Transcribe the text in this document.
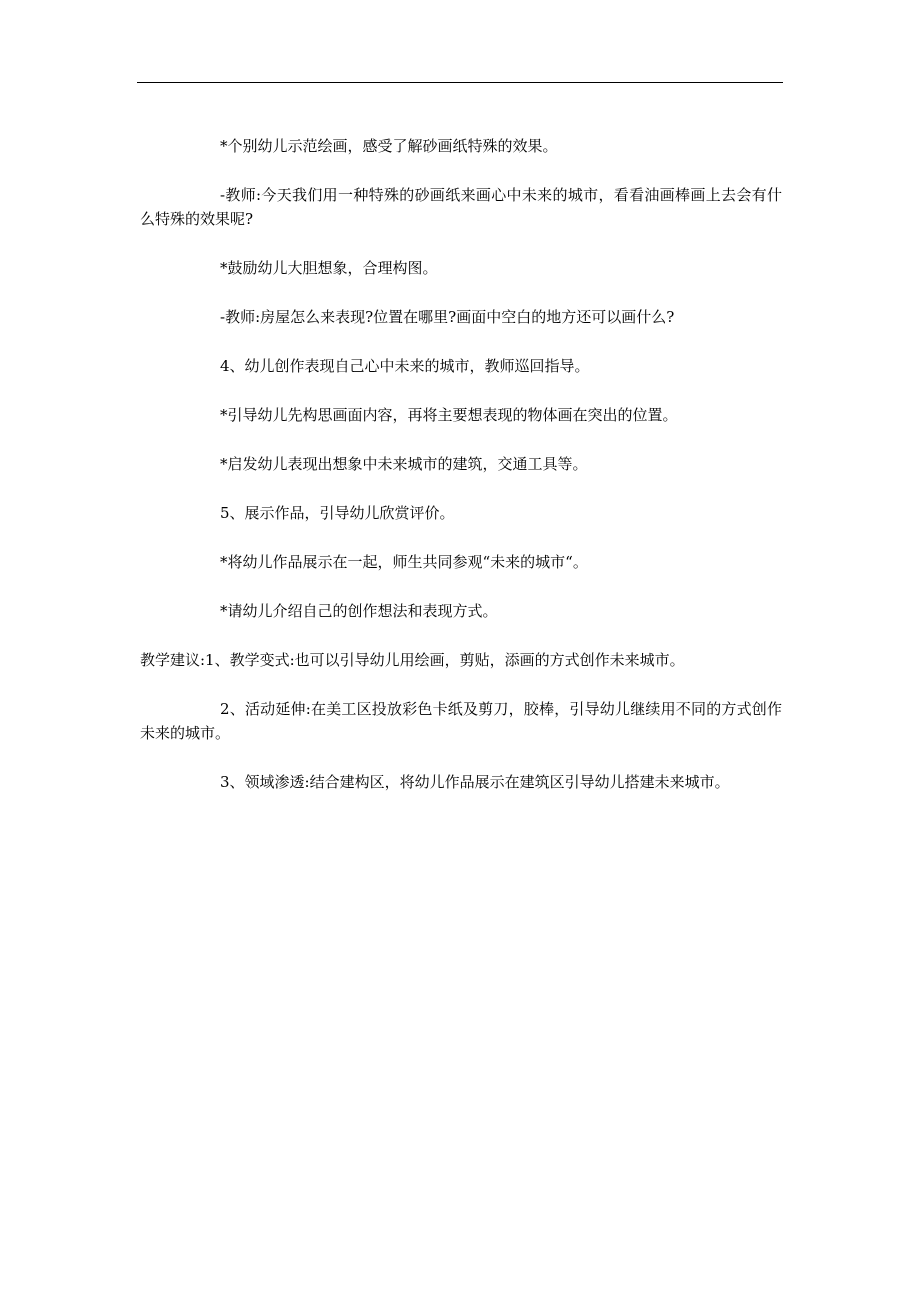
*个别幼儿示范绘画，感受了解砂画纸特殊的效果。

-教师:今天我们用一种特殊的砂画纸来画心中未来的城市，看看油画棒画上去会有什么特殊的效果呢?

*鼓励幼儿大胆想象，合理构图。

-教师:房屋怎么来表现?位置在哪里?画面中空白的地方还可以画什么?

4、幼儿创作表现自己心中未来的城市，教师巡回指导。

*引导幼儿先构思画面内容，再将主要想表现的物体画在突出的位置。

*启发幼儿表现出想象中未来城市的建筑，交通工具等。

5、展示作品，引导幼儿欣赏评价。

*将幼儿作品展示在一起，师生共同参观“未来的城市“。

*请幼儿介绍自己的创作想法和表现方式。

教学建议:1、教学变式:也可以引导幼儿用绘画，剪贴，添画的方式创作未来城市。

2、活动延伸:在美工区投放彩色卡纸及剪刀，胶棒，引导幼儿继续用不同的方式创作未来的城市。

3、领域渗透:结合建构区，将幼儿作品展示在建筑区引导幼儿搭建未来城市。
